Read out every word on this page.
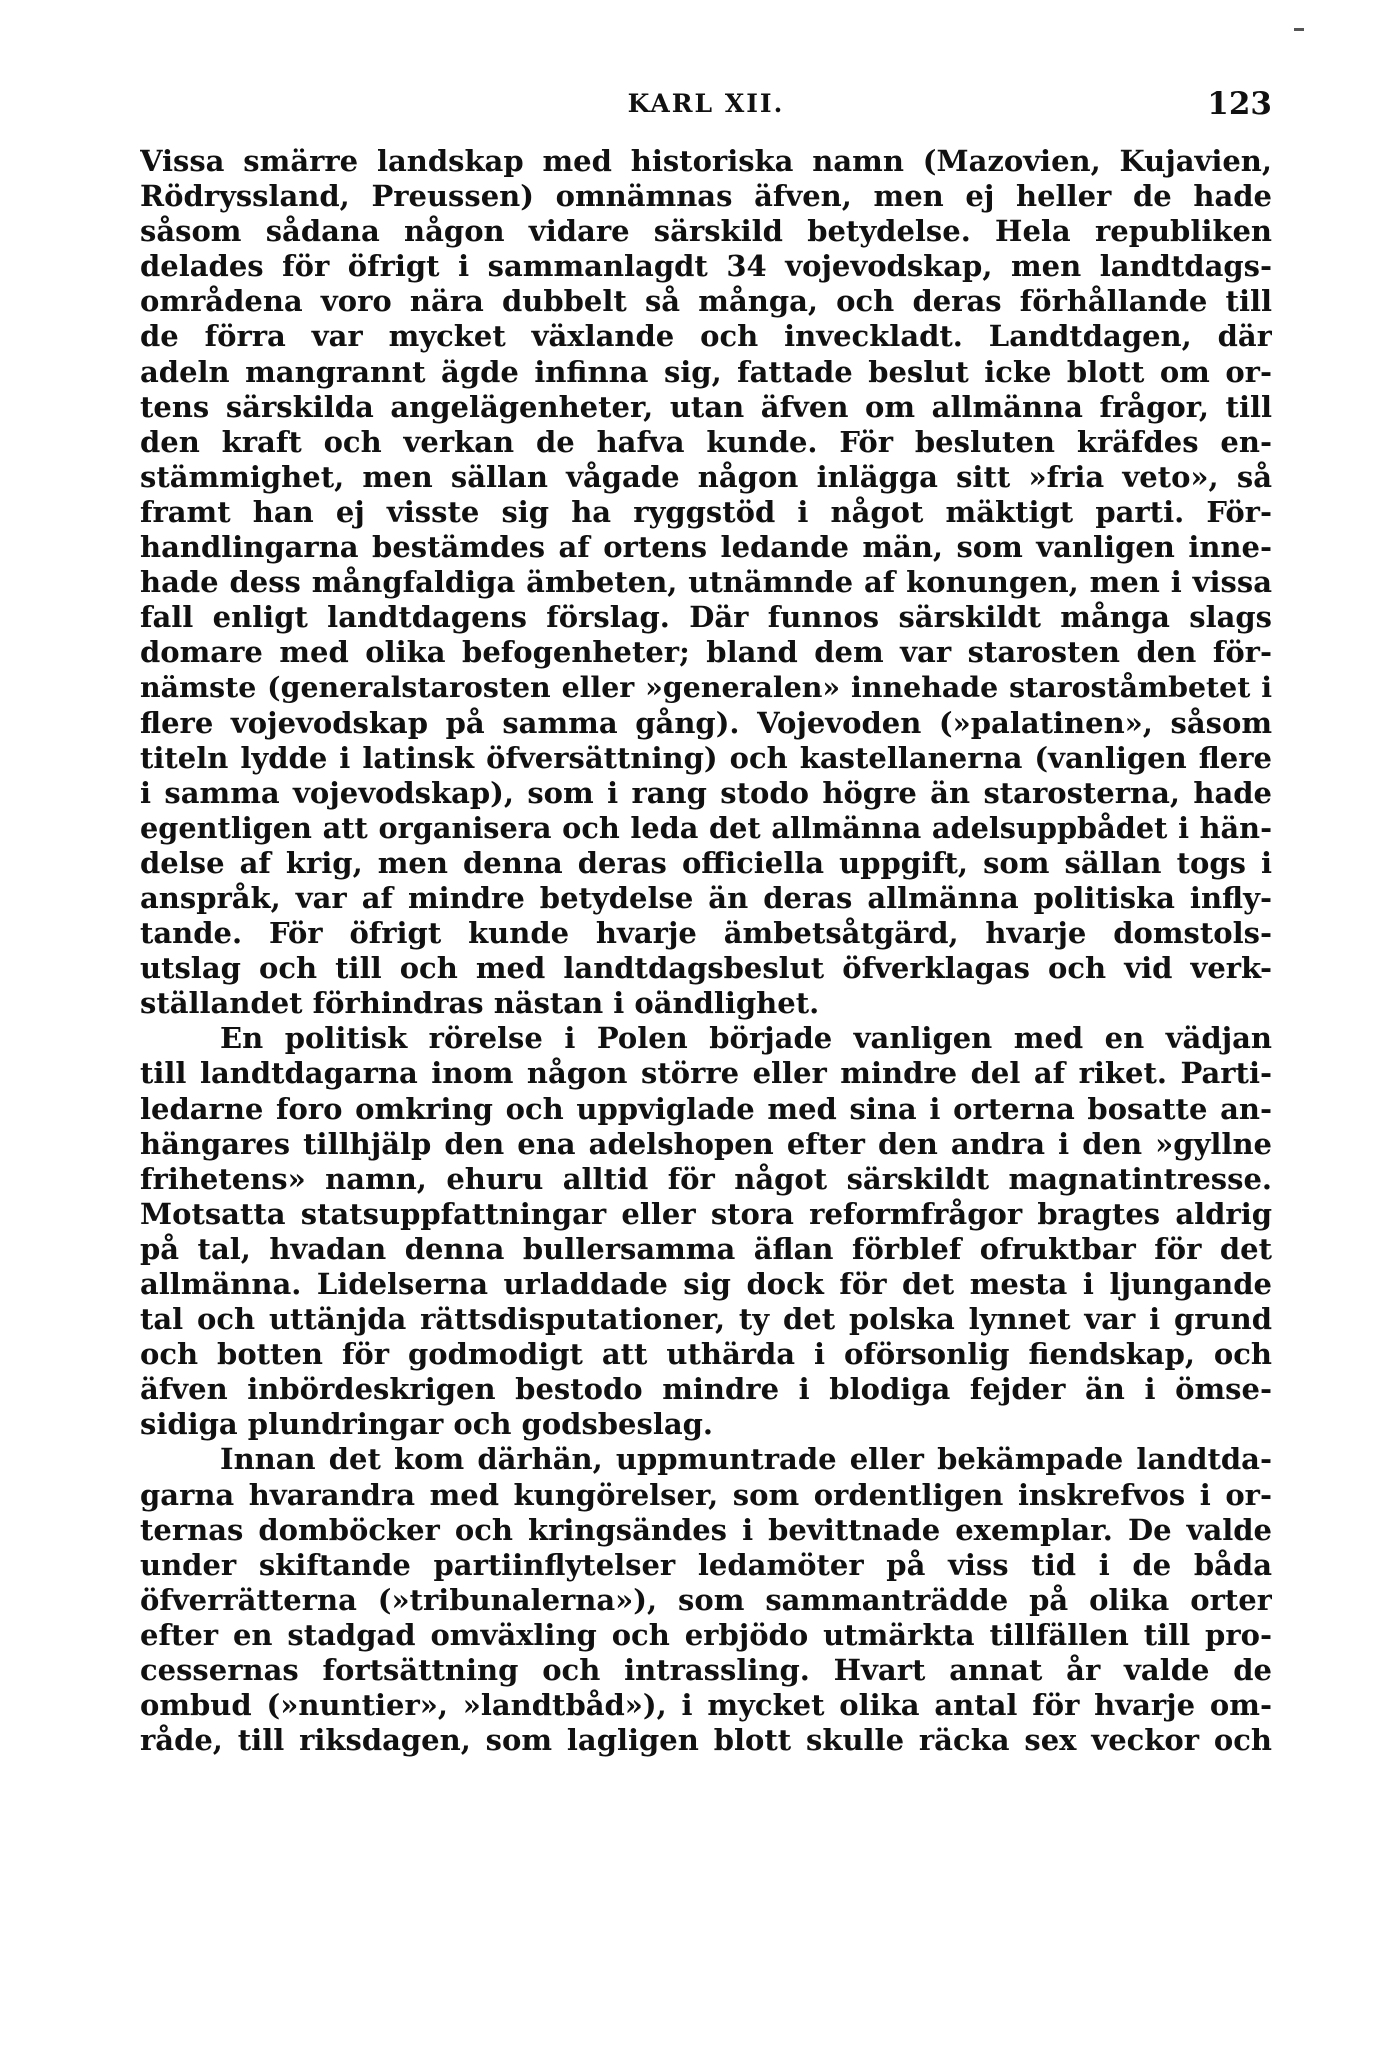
KARL XII.	123
Vissa smärre landskap med historiska namn (Mazovien, Kujavien,
Rödryssland, Preussen) omnämnas äfven, men ej heller de hade
såsom sådana någon vidare särskild betydelse. Hela republiken
delades för öfrigt i sammanlagdt 34 vojevodskap, men landtdags-
områdena voro nära dubbelt så många, och deras förhållande till
de förra var mycket växlande och inveckladt. Landtdagen, där
adeln mangrannt ägde infinna sig, fattade beslut icke blott om or-
tens särskilda angelägenheter, utan äfven om allmänna frågor, till
den kraft och verkan de hafva kunde. För besluten kräfdes en-
stämmighet, men sällan vågade någon inlägga sitt »fria veto», så
framt han ej visste sig ha ryggstöd i något mäktigt parti. För-
handlingarna bestämdes af ortens ledande män, som vanligen inne-
hade dess mångfaldiga ämbeten, utnämnde af konungen, men i vissa
fall enligt landtdagens förslag. Där funnos särskildt många slags
domare med olika befogenheter; bland dem var starosten den för-
nämste (generalstarosten eller »generalen» innehade staroståmbetet i
flere vojevodskap på samma gång). Vojevoden (»palatinen», såsom
titeln lydde i latinsk öfversättning) och kastellanerna (vanligen flere
i samma vojevodskap), som i rang stodo högre än starosterna, hade
egentligen att organisera och leda det allmänna adelsuppbådet i hän-
delse af krig, men denna deras officiella uppgift, som sällan togs i
anspråk, var af mindre betydelse än deras allmänna politiska infly-
tande. För öfrigt kunde hvarje ämbetsåtgärd, hvarje domstols-
utslag och till och med landtdagsbeslut öfverklagas och vid verk-
ställandet förhindras nästan i oändlighet.
En politisk rörelse i Polen började vanligen med en vädjan
till landtdagarna inom någon större eller mindre del af riket. Parti-
ledarne foro omkring och uppviglade med sina i orterna bosatte an-
hängares tillhjälp den ena adelshopen efter den andra i den »gyllne
frihetens» namn, ehuru alltid för något särskildt magnatintresse.
Motsatta statsuppfattningar eller stora reformfrågor bragtes aldrig
på tal, hvadan denna bullersamma äflan förblef ofruktbar för det
allmänna. Lidelserna urladdade sig dock för det mesta i ljungande
tal och uttänjda rättsdisputationer, ty det polska lynnet var i grund
och botten för godmodigt att uthärda i oförsonlig fiendskap, och
äfven inbördeskrigen bestodo mindre i blodiga fejder än i ömse-
sidiga plundringar och godsbeslag.
Innan det kom därhän, uppmuntrade eller bekämpade landtda-
garna hvarandra med kungörelser, som ordentligen inskrefvos i or-
ternas domböcker och kringsändes i bevittnade exemplar. De valde
under skiftande partiinflytelser ledamöter på viss tid i de båda
öfverrätterna (»tribunalerna»), som sammanträdde på olika orter
efter en stadgad omväxling och erbjödo utmärkta tillfällen till pro-
cessernas fortsättning och intrassling. Hvart annat år valde de
ombud (»nuntier», »landtbåd»), i mycket olika antal för hvarje om-
råde, till riksdagen, som lagligen blott skulle räcka sex veckor och
